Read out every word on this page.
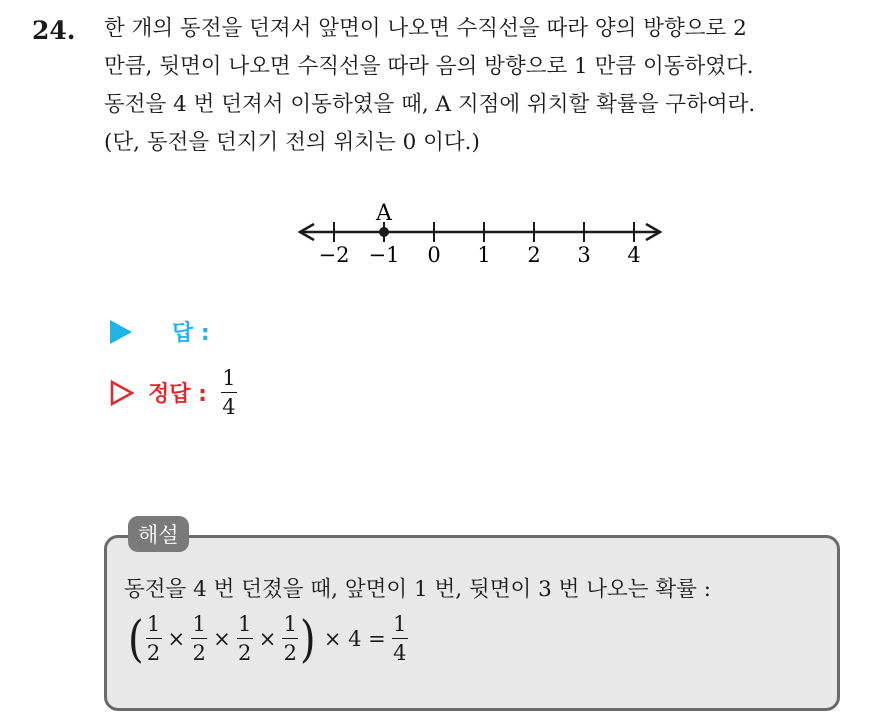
24. 한 개의 동전을 던져서 앞면이 나오면 수직선을 따라 양의 방향으로 2
만큼, 뒷면이 나오면 수직선을 따라 음의 방향으로 1 만큼 이동하였다.
동전을 4 번 던져서 이동하였을 때, A 지점에 위치할 확률을 구하여라.
(단, 동전을 던지기 전의 위치는 0 이다.)
−2 −1 0 1 2 3 4
A
답 :
정답 : $\frac{1}{4}$
해설
동전을 4 번 던졌을 때, 앞면이 1 번, 뒷면이 3 번 나오는 확률 :
( $\frac{1}{2} \times \frac{1}{2} \times \frac{1}{2} \times \frac{1}{2}$ ) × $4 = \frac{1}{4}$
